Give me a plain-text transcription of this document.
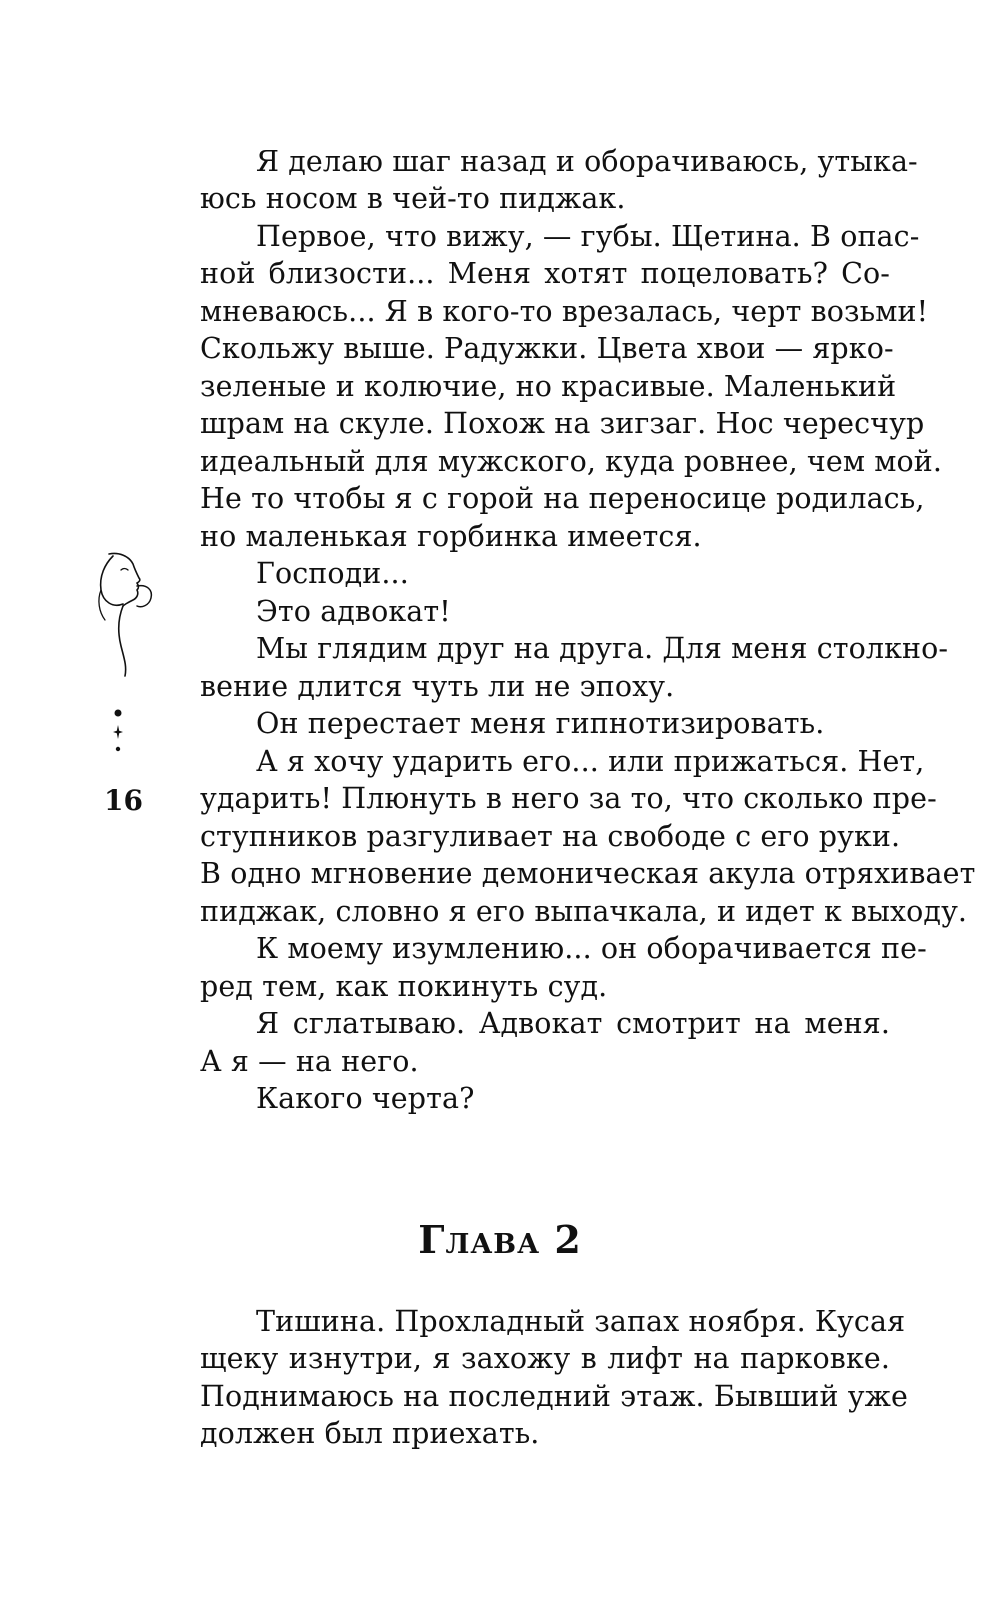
Я делаю шаг назад и оборачиваюсь, утыка-
юсь носом в чей-то пиджак.
Первое, что вижу, — губы. Щетина. В опас-
ной близости... Меня хотят поцеловать? Со-
мневаюсь... Я в кого-то врезалась, черт возьми!
Скольжу выше. Радужки. Цвета хвои — ярко-
зеленые и колючие, но красивые. Маленький
шрам на скуле. Похож на зигзаг. Нос чересчур
идеальный для мужского, куда ровнее, чем мой.
Не то чтобы я с горой на переносице родилась,
но маленькая горбинка имеется.
Господи...
Это адвокат!
Мы глядим друг на друга. Для меня столкно-
вение длится чуть ли не эпоху.
Он перестает меня гипнотизировать.
А я хочу ударить его... или прижаться. Нет,
ударить! Плюнуть в него за то, что сколько пре-
ступников разгуливает на свободе с его руки.
В одно мгновение демоническая акула отряхивает
пиджак, словно я его выпачкала, и идет к выходу.
К моему изумлению... он оборачивается пе-
ред тем, как покинуть суд.
Я сглатываю. Адвокат смотрит на меня.
А я — на него.
Какого черта?
Глава 2
Тишина. Прохладный запах ноября. Кусая
щеку изнутри, я захожу в лифт на парковке.
Поднимаюсь на последний этаж. Бывший уже
должен был приехать.
16
